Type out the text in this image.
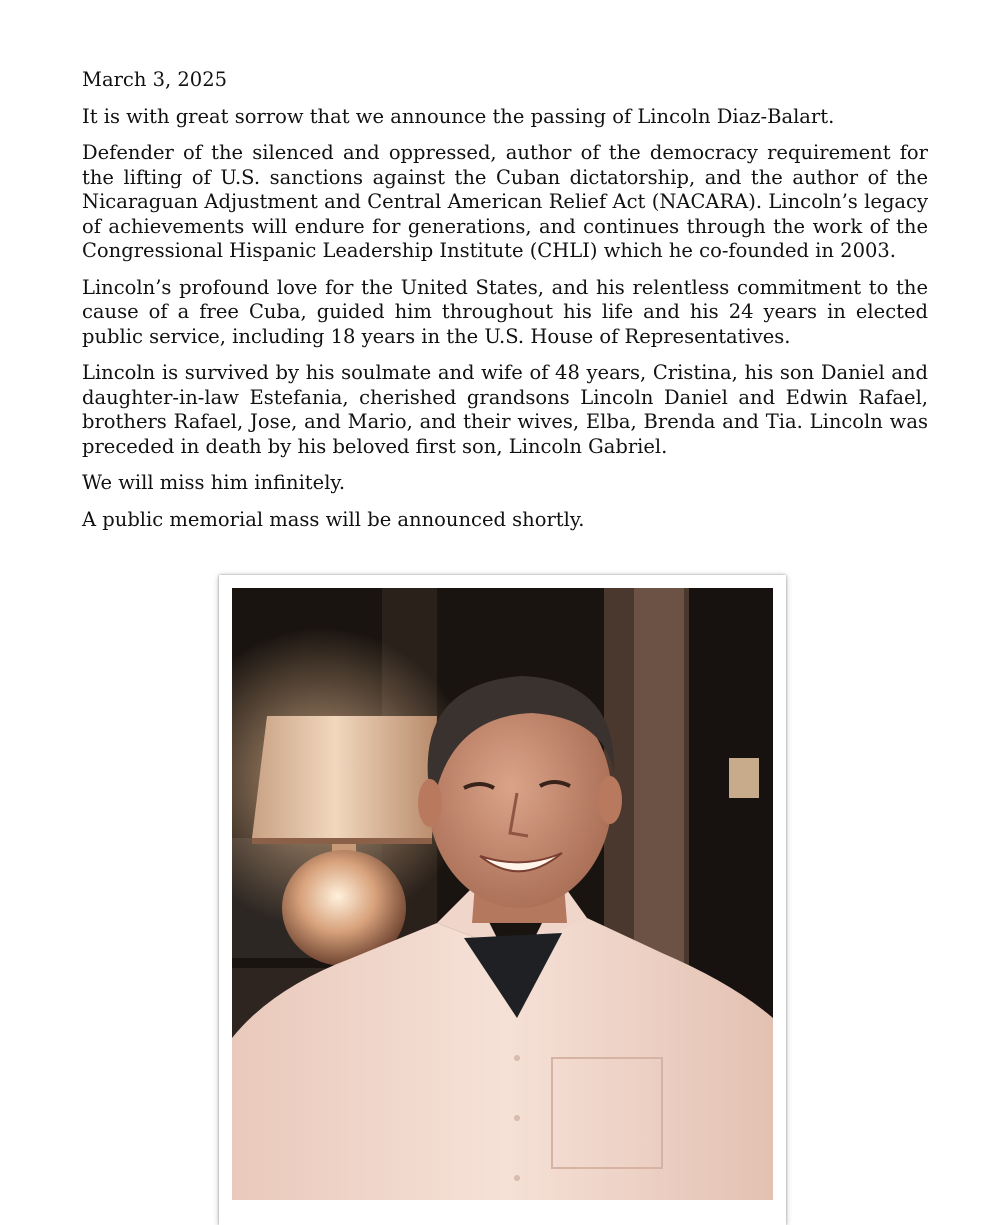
March 3, 2025

It is with great sorrow that we announce the passing of Lincoln Diaz-Balart.

Defender of the silenced and oppressed, author of the democracy requirement for the lifting of U.S. sanctions against the Cuban dictatorship, and the author of the Nicaraguan Adjustment and Central American Relief Act (NACARA). Lincoln’s legacy of achievements will endure for generations, and continues through the work of the Congressional Hispanic Leadership Institute (CHLI) which he co-founded in 2003.

Lincoln’s profound love for the United States, and his relentless commitment to the cause of a free Cuba, guided him throughout his life and his 24 years in elected public service, including 18 years in the U.S. House of Representatives.

Lincoln is survived by his soulmate and wife of 48 years, Cristina, his son Daniel and daughter-in-law Estefania, cherished grandsons Lincoln Daniel and Edwin Rafael, brothers Rafael, Jose, and Mario, and their wives, Elba, Brenda and Tia. Lincoln was preceded in death by his beloved first son, Lincoln Gabriel.

We will miss him infinitely.

A public memorial mass will be announced shortly.
